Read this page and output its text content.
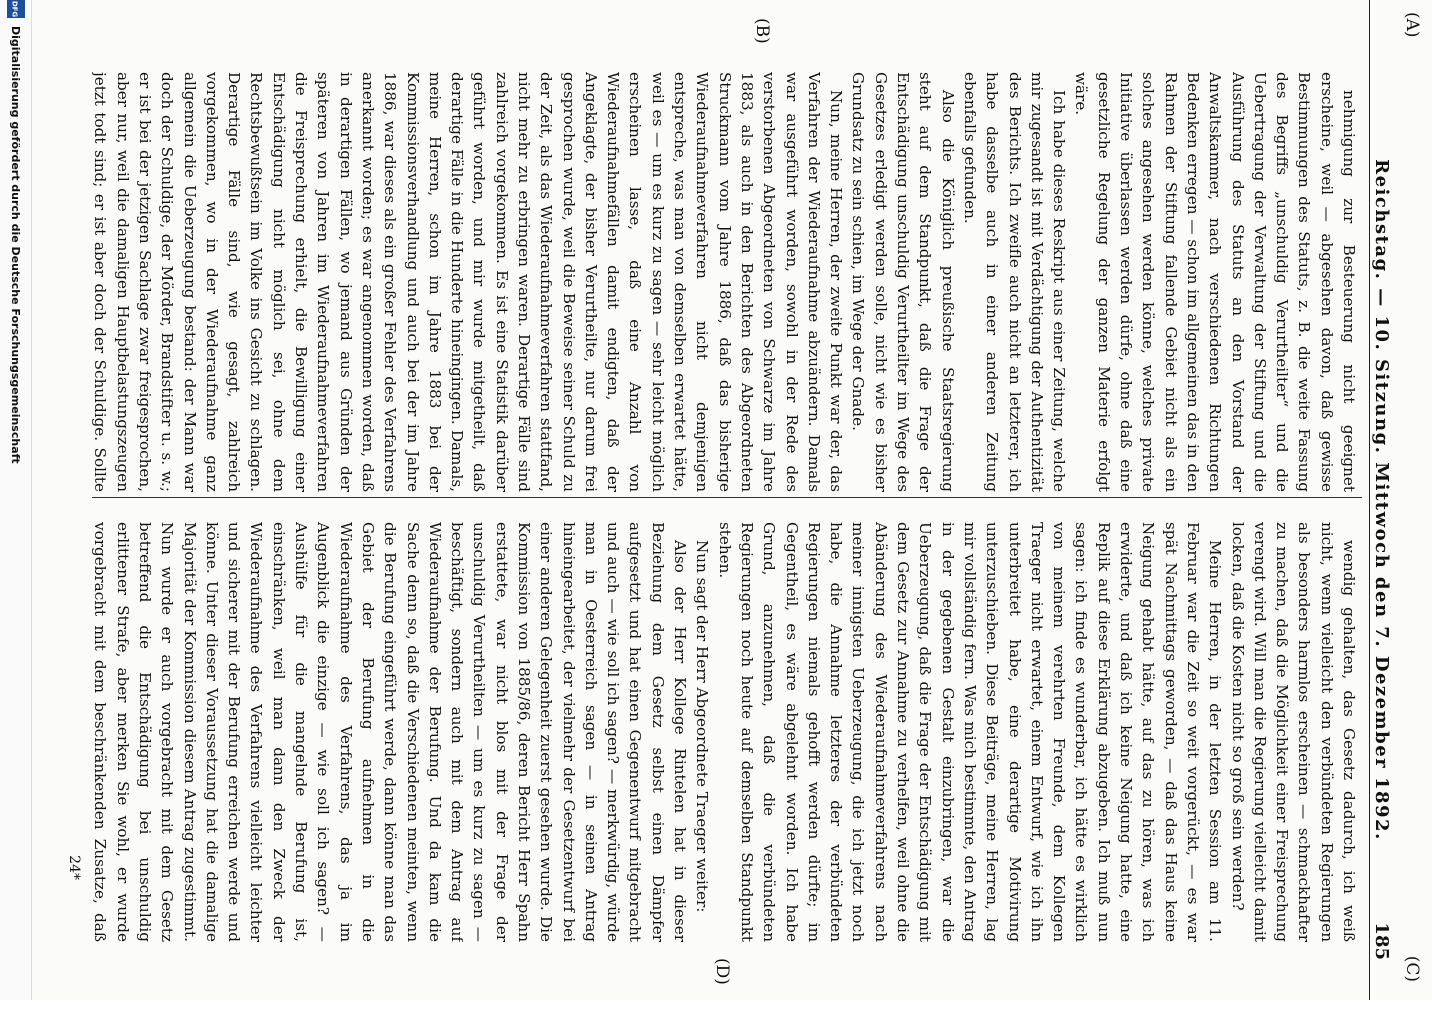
(A)
(C)
Reichstag. — 10. Sitzung. Mittwoch den 7. Dezember 1892.
185
(B)
(D)

nehmigung zur Besteuerung nicht geeignet erscheine, weil — abgesehen davon, daß gewisse Bestimmungen des Statuts, z. B. die weite Fassung des Begriffs „unschuldig Verurtheilter“ und die Uebertragung der Verwaltung der Stiftung und die Ausführung des Statuts an den Vorstand der Anwaltskammer, nach verschiedenen Richtungen Bedenken erregen — schon im allgemeinen das in den Rahmen der Stiftung fallende Gebiet nicht als ein solches angesehen werden könne, welches private Initiative überlassen werden dürfe, ohne daß eine gesetzliche Regelung der ganzen Materie erfolgt wäre.

Ich habe dieses Reskript aus einer Zeitung, welche mir zugesandt ist mit Verdächtigung der Authentizität des Berichts. Ich zweifle auch nicht an letzterer, ich habe dasselbe auch in einer anderen Zeitung ebenfalls gefunden.

Also die Königlich preußische Staatsregierung steht auf dem Standpunkt, daß die Frage der Entschädigung unschuldig Verurtheilter im Wege des Gesetzes erledigt werden solle, nicht wie es bisher Grundsatz zu sein schien, im Wege der Gnade.

Nun, meine Herren, der zweite Punkt war der, das Verfahren der Wiederaufnahme abzuändern. Damals war ausgeführt worden, sowohl in der Rede des verstorbenen Abgeordneten von Schwarze im Jahre 1883, als auch in den Berichten des Abgeordneten Struckmann vom Jahre 1886, daß das bisherige Wiederaufnahmeverfahren nicht demjenigen entspreche, was man von demselben erwartet hätte, weil es — um es kurz zu sagen — sehr leicht möglich erscheinen lasse, daß eine Anzahl von Wiederaufnahmefällen damit endigten, daß der Angeklagte, der bisher Verurtheilte, nur darum frei gesprochen wurde, weil die Beweise seiner Schuld zu der Zeit, als das Wiederaufnahmeverfahren stattfand, nicht mehr zu erbringen waren. Derartige Fälle sind zahlreich vorgekommen. Es ist eine Statistik darüber geführt worden, und mir wurde mitgetheilt, daß derartige Fälle in die Hunderte hineingingen. Damals, meine Herren, schon im Jahre 1883 bei der Kommissionsverhandlung und auch bei der im Jahre 1886, war dieses als ein großer Fehler des Verfahrens anerkannt worden; es war angenommen worden, daß in derartigen Fällen, wo jemand aus Gründen der späteren von Jahren im Wiederaufnahmeverfahren die Freisprechung erhielt, die Bewilligung einer Entschädigung nicht möglich sei, ohne dem Rechtsbewußtsein im Volke ins Gesicht zu schlagen. Derartige Fälle sind, wie gesagt, zahlreich vorgekommen, wo in der Wiederaufnahme ganz allgemein die Ueberzeugung bestand: der Mann war doch der Schuldige, der Mörder, Brandstifter u. s. w.; er ist bei der jetzigen Sachlage zwar freigesprochen, aber nur, weil die damaligen Hauptbelastungszeugen jetzt todt sind; er ist aber doch der Schuldige. Sollte

wendig gehalten, das Gesetz dadurch, ich weiß nicht, wenn vielleicht den verbündeten Regierungen als besonders harmlos erscheinen — schmackhafter zu machen, daß die Möglichkeit einer Freisprechung verengt wird. Will man die Regierung vielleicht damit locken, daß die Kosten nicht so groß sein werden?

Meine Herren, in der letzten Session am 11. Februar war die Zeit so weit vorgerückt, — es war spät Nachmittags geworden, — daß das Haus keine Neigung gehabt hätte, auf das zu hören, was ich erwiderte, und daß ich keine Neigung hatte, eine Replik auf diese Erklärung abzugeben. Ich muß nun sagen: ich finde es wunderbar, ich hätte es wirklich von meinem verehrten Freunde, dem Kollegen Traeger nicht erwartet, einem Entwurf, wie ich ihn unterbreitet habe, eine derartige Motivirung unterzuschieben. Diese Beiträge, meine Herren, lag mir vollständig fern. Was mich bestimmte, den Antrag in der gegebenen Gestalt einzubringen, war die Ueberzeugung, daß die Frage der Entschädigung mit dem Gesetz zur Annahme zu verhelfen, weil ohne die Abänderung des Wiederaufnahmeverfahrens nach meiner innigsten Ueberzeugung, die ich jetzt noch habe, die Annahme letzteres der verbündeten Regierungen niemals gehofft werden dürfte; im Gegentheil, es wäre abgelehnt worden. Ich habe Grund, anzunehmen, daß die verbündeten Regierungen noch heute auf demselben Standpunkt stehen.

Nun sagt der Herr Abgeordnete Traeger weiter:

Also der Herr Kollege Rintelen hat in dieser Beziehung dem Gesetz selbst einen Dämpfer aufgesetzt und hat einen Gegenentwurf mitgebracht und auch — wie soll ich sagen? — merkwürdig, würde man in Oesterreich sagen — in seinen Antrag hineingearbeitet, der vielmehr der Gesetzentwurf bei einer anderen Gelegenheit zuerst gesehen wurde. Die Kommission von 1885/86, deren Bericht Herr Spahn erstattete, war nicht blos mit der Frage der unschuldig Verurtheilten — um es kurz zu sagen — beschäftigt, sondern auch mit dem Antrag auf Wiederaufnahme der Berufung. Und da kam die Sache denn so, daß die Verschiedenen meinten, wenn die Berufung eingeführt werde, dann könne man das Gebiet der Berufung aufnehmen in die Wiederaufnahme des Verfahrens, das ja im Augenblick die einzige — wie soll ich sagen? — Aushülfe für die mangelnde Berufung ist, einschränken, weil man dann den Zweck der Wiederaufnahme des Verfahrens vielleicht leichter und sicherer mit der Berufung erreichen werde und könne. Unter dieser Voraussetzung hat die damalige Majorität der Kommission diesem Antrag zugestimmt. Nun wurde er auch vorgebracht mit dem Gesetz betreffend die Entschädigung bei unschuldig erlittener Strafe, aber merken Sie wohl, er wurde vorgebracht mit dem beschränkenden Zusatze, daß

24*
DFG
Digitalisierung gefördert durch die Deutsche Forschungsgemeinschaft
